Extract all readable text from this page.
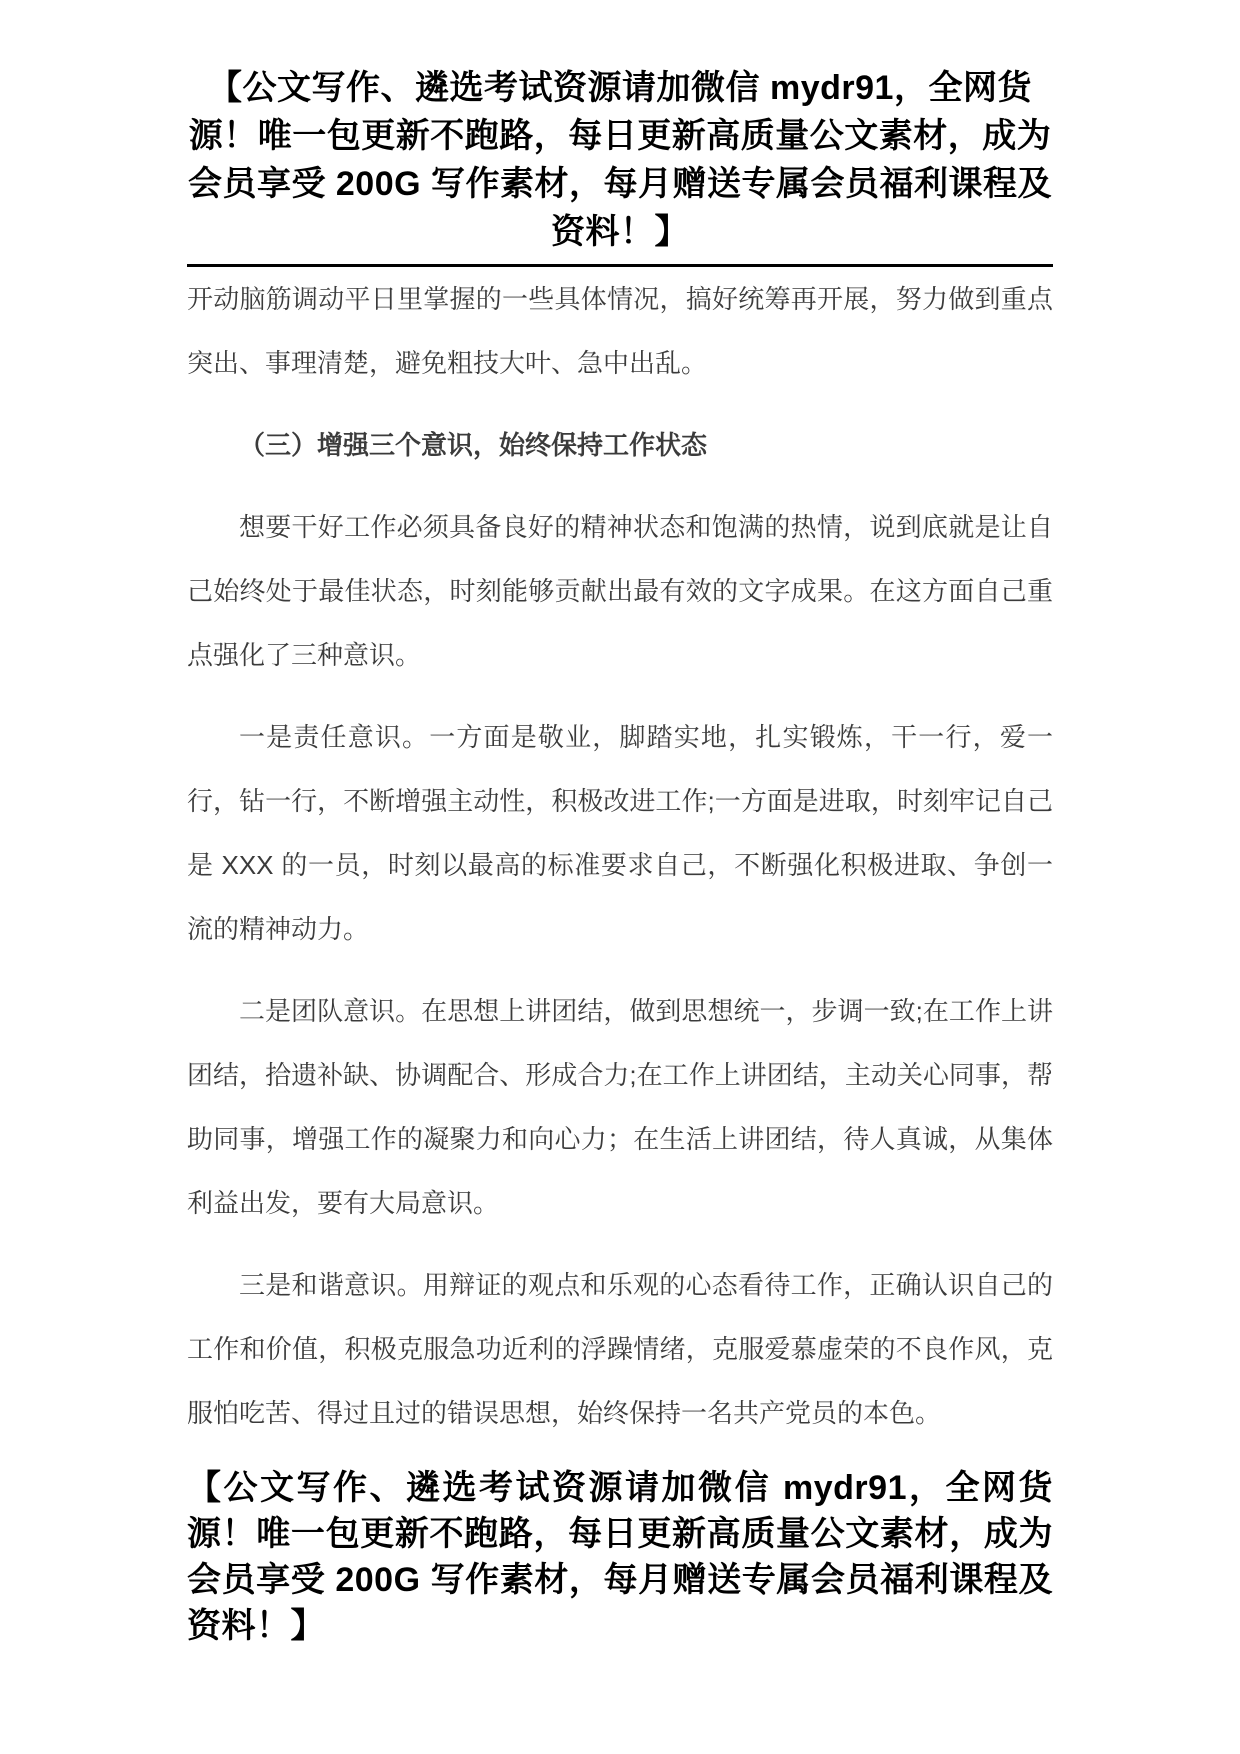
【公文写作、遴选考试资源请加微信 mydr91，全网货源！唯一包更新不跑路，每日更新高质量公文素材，成为会员享受 200G 写作素材，每月赠送专属会员福利课程及资料！】

开动脑筋调动平日里掌握的一些具体情况，搞好统筹再开展，努力做到重点突出、事理清楚，避免粗技大叶、急中出乱。

（三）增强三个意识，始终保持工作状态

想要干好工作必须具备良好的精神状态和饱满的热情，说到底就是让自己始终处于最佳状态，时刻能够贡献出最有效的文字成果。在这方面自己重点强化了三种意识。

一是责任意识。一方面是敬业，脚踏实地，扎实锻炼，干一行，爱一行，钻一行，不断增强主动性，积极改进工作;一方面是进取，时刻牢记自己是 XXX 的一员，时刻以最高的标准要求自己，不断强化积极进取、争创一流的精神动力。

二是团队意识。在思想上讲团结，做到思想统一，步调一致;在工作上讲团结，拾遗补缺、协调配合、形成合力;在工作上讲团结，主动关心同事，帮助同事，增强工作的凝聚力和向心力；在生活上讲团结，待人真诚，从集体利益出发，要有大局意识。

三是和谐意识。用辩证的观点和乐观的心态看待工作，正确认识自己的工作和价值，积极克服急功近利的浮躁情绪，克服爱慕虚荣的不良作风，克服怕吃苦、得过且过的错误思想，始终保持一名共产党员的本色。

【公文写作、遴选考试资源请加微信 mydr91，全网货源！唯一包更新不跑路，每日更新高质量公文素材，成为会员享受 200G 写作素材，每月赠送专属会员福利课程及资料！】
